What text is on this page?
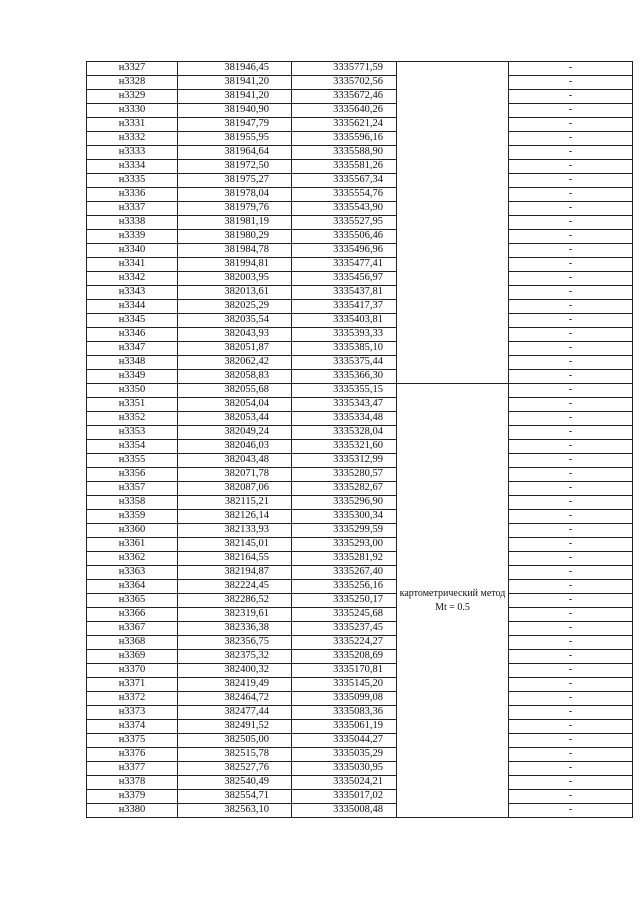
н3327	381946,45	3335771,59		-
н3328	381941,20	3335702,56		-
н3329	381941,20	3335672,46		-
н3330	381940,90	3335640,26		-
н3331	381947,79	3335621,24		-
н3332	381955,95	3335596,16		-
н3333	381964,64	3335588,90		-
н3334	381972,50	3335581,26		-
н3335	381975,27	3335567,34		-
н3336	381978,04	3335554,76		-
н3337	381979,76	3335543,90		-
н3338	381981,19	3335527,95		-
н3339	381980,29	3335506,46		-
н3340	381984,78	3335496,96		-
н3341	381994,81	3335477,41		-
н3342	382003,95	3335456,97		-
н3343	382013,61	3335437,81		-
н3344	382025,29	3335417,37		-
н3345	382035,54	3335403,81		-
н3346	382043,93	3335393,33		-
н3347	382051,87	3335385,10		-
н3348	382062,42	3335375,44		-
н3349	382058,83	3335366,30		-
н3350	382055,68	3335355,15	картометрический метод Mt = 0.5	-
н3351	382054,04	3335343,47		-
н3352	382053,44	3335334,48		-
н3353	382049,24	3335328,04		-
н3354	382046,03	3335321,60		-
н3355	382043,48	3335312,99		-
н3356	382071,78	3335280,57		-
н3357	382087,06	3335282,67		-
н3358	382115,21	3335296,90		-
н3359	382126,14	3335300,34		-
н3360	382133,93	3335299,59		-
н3361	382145,01	3335293,00		-
н3362	382164,55	3335281,92		-
н3363	382194,87	3335267,40		-
н3364	382224,45	3335256,16		-
н3365	382286,52	3335250,17		-
н3366	382319,61	3335245,68		-
н3367	382336,38	3335237,45		-
н3368	382356,75	3335224,27		-
н3369	382375,32	3335208,69		-
н3370	382400,32	3335170,81		-
н3371	382419,49	3335145,20		-
н3372	382464,72	3335099,08		-
н3373	382477,44	3335083,36		-
н3374	382491,52	3335061,19		-
н3375	382505,00	3335044,27		-
н3376	382515,78	3335035,29		-
н3377	382527,76	3335030,95		-
н3378	382540,49	3335024,21		-
н3379	382554,71	3335017,02		-
н3380	382563,10	3335008,48		-
